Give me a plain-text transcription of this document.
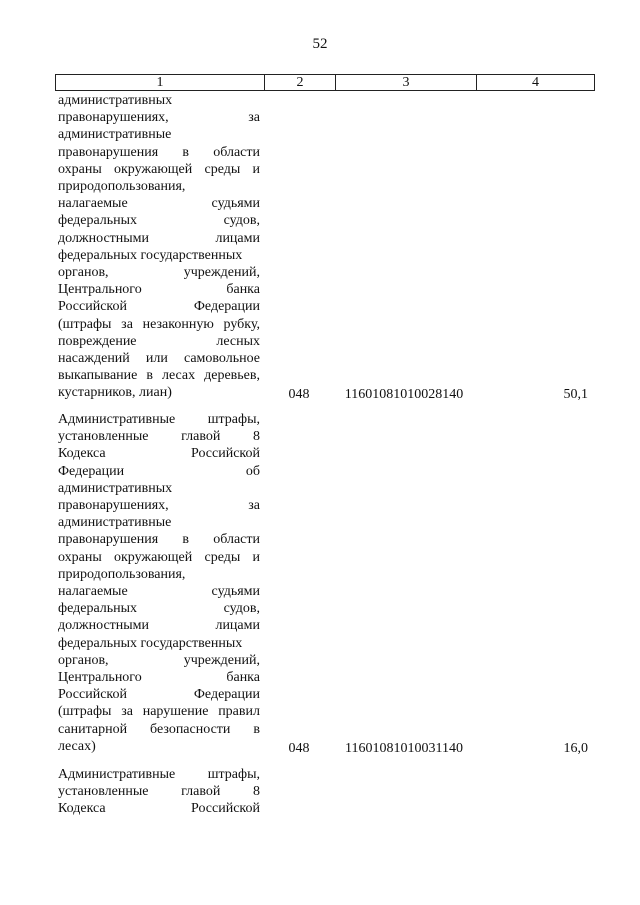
52
1	2	3	4
административных
правонарушениях, за
административные
правонарушения в области
охраны окружающей среды и
природопользования,
налагаемые судьями
федеральных судов,
должностными лицами
федеральных государственных
органов, учреждений,
Центрального банка
Российской Федерации
(штрафы за незаконную рубку,
повреждение лесных
насаждений или самовольное
выкапывание в лесах деревьев,
кустарников, лиан)	048	11601081010028140	50,1
Административные штрафы,
установленные главой 8
Кодекса Российской
Федерации об
административных
правонарушениях, за
административные
правонарушения в области
охраны окружающей среды и
природопользования,
налагаемые судьями
федеральных судов,
должностными лицами
федеральных государственных
органов, учреждений,
Центрального банка
Российской Федерации
(штрафы за нарушение правил
санитарной безопасности в
лесах)	048	11601081010031140	16,0
Административные штрафы,
установленные главой 8
Кодекса Российской
